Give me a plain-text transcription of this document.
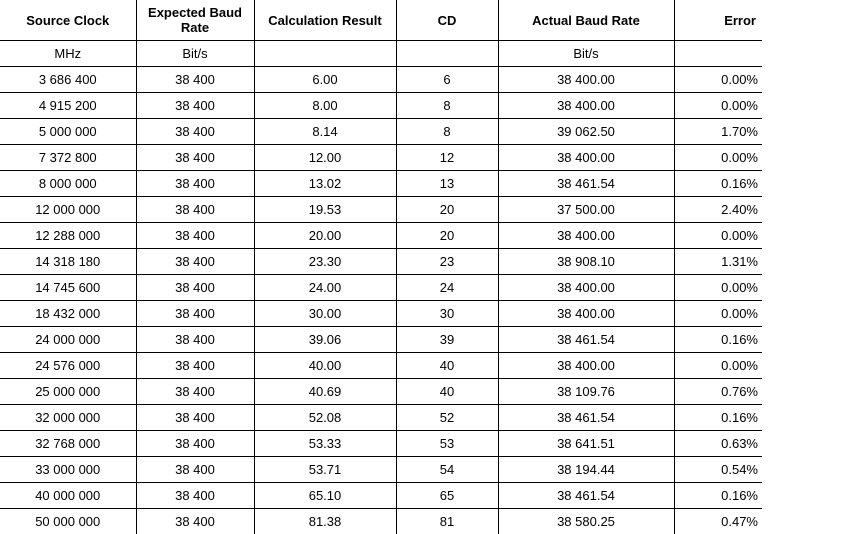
Source Clock	Expected Baud Rate	Calculation Result	CD	Actual Baud Rate	Error
MHz	Bit/s			Bit/s	
3 686 400	38 400	6.00	6	38 400.00	0.00%
4 915 200	38 400	8.00	8	38 400.00	0.00%
5 000 000	38 400	8.14	8	39 062.50	1.70%
7 372 800	38 400	12.00	12	38 400.00	0.00%
8 000 000	38 400	13.02	13	38 461.54	0.16%
12 000 000	38 400	19.53	20	37 500.00	2.40%
12 288 000	38 400	20.00	20	38 400.00	0.00%
14 318 180	38 400	23.30	23	38 908.10	1.31%
14 745 600	38 400	24.00	24	38 400.00	0.00%
18 432 000	38 400	30.00	30	38 400.00	0.00%
24 000 000	38 400	39.06	39	38 461.54	0.16%
24 576 000	38 400	40.00	40	38 400.00	0.00%
25 000 000	38 400	40.69	40	38 109.76	0.76%
32 000 000	38 400	52.08	52	38 461.54	0.16%
32 768 000	38 400	53.33	53	38 641.51	0.63%
33 000 000	38 400	53.71	54	38 194.44	0.54%
40 000 000	38 400	65.10	65	38 461.54	0.16%
50 000 000	38 400	81.38	81	38 580.25	0.47%
